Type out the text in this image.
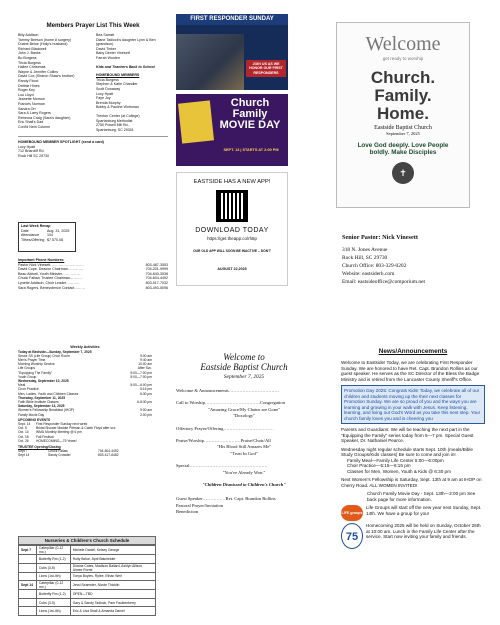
Members Prayer List This Week
Billy Addison
Tammy Beeson (home 8 surgery)
Duane Belue (Holly's husband)
Richard Blackwell
John J. Banks
Bo Burgess
Tricia Burgess
Hallee Christmas
Wayne & Jennifer Collins
David Cox (Sharon Shaw's brother)
Randy Flood
Debbie Hines
Roger Key
Lou Lloyd
Jeanette Morrow
Frances Norman
Sandra Orr
Sara & Larry Rogers
Rebecca Craig (Sara's daughter)
Eric Shall's Dad
Conf'd Next Column
Bea Sarratt
Diane Tadlock's daughter Lynn & Ben (grandson)
David Tinker
Baby Dexter Vinesett
Farrah Wooten
Kids and Teachers Back to School
HOMEBOUND MEMBERS
Tricia Burgess
Stephen & Katie Chandler
Scott Dunaway
Lucy Hyatt
Faye Joy
Brenda Murphy
Bobby & Pauline Workman
Trenton Center (at College)
Spartanburg Methodist
2750 Powell Mill Rd.,
Spartanburg, SC 29301
HOMEBOUND MEMBER SPOTLIGHT (send a card)
Lucy Hyatt
712 Briarcliff Rd.
Rock Hill SC 29730
Last Week Recap
Date	Aug. 31, 2025
Attendance	104
Tithes/Offering $7,570.08
Important Phone Numbers:
Pastor Nick Vinesett……………………….	803-487-3553
David Cope, Deacon Chairman………….	704-201-9999
Beau Abbott, Youth Minister……………	704-840-3538
Chuck Fallaw, Trustee Chairman……….	704-604-4492
Lynette Addison, Choir Leader…………	803-517-7032
Sara Rogers, Benevolence Contact………	803-493-5096
FIRST RESPONDER SUNDAY
JOIN US AS WE HONOR OUR FIRST RESPONDERS
Church Family MOVIE DAY
SEPT. 13 | STARTS AT 2:00 PM
EASTSIDE HAS A NEW APP!
DOWNLOAD TODAY
https://get.theapp.co/rh8p
OUR OLD APP WILL SOON BE INACTIVE – DON'T
AUGUST 22,2025
Welcome
get ready to worship
Church.
Family.
Home.
Eastside Baptist Church
September 7, 2025
Love God deeply. Love People
boldly. Make Disciples
✝
Senior Pastor: Nick Vinesett
318 N. Jones Avenue
Rock Hill, SC 29730
Church Office: 803-329-0202
Website: eastsiderh.com
Email: eastsideoffice@comporium.net
Weekly Activities
Today at Eastside—Sunday, September 7, 2025
Senior SS (Life Group) Choir Room	9:00 am
Men's Prayer Time	9:40 am
Morning Worship Service	10:00 am
Life Groups	After Svc.
"Equipping The Family"	5:00—7:00 pm
Youth Group	5:00—7:00 pm
Wednesday, September 10, 2025
Meal	5:00—6:00 pm
Choir Practice	5:15 pm
Men, Ladies, Youth and Children Classes	6:30 pm
Thursday, September 11, 2025
Faith Bible Institute Classes	6-8:30 pm
Saturday, September 13, 2025
Women's Fellowship Breakfast (IHOP)	9:00 am
Family Movie Day	2:00 pm
UPCOMING EVENTS
Sept. 14	First Responder Sunday next week
Oct. 5	Bridal Shower Maddie Pittman & Caleb Floyd after svc
Oct. 14	WMU Monthly Meeting @ 6 pm
Oct. 18	Fall Festival
Oct. 26	HOMECOMING—75 Years!
TRUSTEE Opening/Closing
Sept 7	Chuck Fallaw	704-604-4492
Sept 14	Sandy Crowder	803-417-6482
Nurseries & Children's Church Schedule
Sept 7	Caterpillar (0-12 mo.)	Michele Daniel, Kelsey George
	Butterfly Rm (1-2)	Holly Belue, April Batchelder
	Cubs (3-5)	Dianne Cates, Madison Ballard, Ashlyn Allison, Aimee Rorrie
	Lions (1st-4th)	Tonya Boyles, Rylee, Ethan Weir
Sept 14	Caterpillar (0-12 mo.)	Jessi Seamster, Nicole Thicklin
	Butterfly Rm (1-2)	OPEN—TBD
	Cubs (3-5)	Gary & Sandy Tadlock, Pam Faulkenberry
	Lions (1st-4th)	Eric & Lisa Shall & Amanda Daniel
Welcome to
Eastside Baptist Church
September 7, 2025
Welcome & Announcements……………………………
Call to Worship………………………………Congregation
"Amazing Grace/My Chains are Gone"
"Doxology"
Offertory Prayer/Offering……………………………
Praise/Worship……………………Praise/Choir/All
"His Blood Still Amazes Me"
"Trust In God"
Special……………………………………………
"You've Already Won."
"Children Dismissed to Children's Church"
Guest Speaker……………Ret. Capt. Brandon Rollins
Pastoral Prayer/Invitation
Benediction
News/Announcements

Welcome to Eastside! Today, we are celebrating First Responder Sunday. We are honored to have Ret. Capt. Brandon Rollins as our guest speaker. He serves as the SC Director of the Bless the Badge Ministry and is retired from the Lancaster County Sheriff's Office.

Promotion Day 2025: Congrats Kids! Today, we celebrate all of our children and students moving up the their next classes for Promotion Sunday. We are so proud of you and the ways you are learning and growing in your walk with Jesus. Keep listening, learning, and living out God's Word as you take this next step. Your church family loves you and is cheering you

Parents and Guardians: We will be teaching the next part in the "Equipping the Family" series today from 5—7 pm. Special Guest Speaker, Dr. Nathaniel Pearce.

Wednesday night regular schedule starts Sept. 10th (meals/Bible Study Groups/Kids classes) Be sure to come and join in!

Family Meal—Family Life Center 5:00—6:00pm
Choir Practice—5:15—6:15 pm
Classes for Men, Women, Youth & Kids @ 6:30 pm

Next Women's Fellowship is Saturday, Sept. 13th at 9 am at IHOP on Cherry Road. ALL WOMEN INVITED!

Church Family Movie Day - Sept. 13th—2:00 pm See back page for more information.

LIFE groups

Life Groups will start off the new year next Sunday, Sept. 14th. We have a group for you!

75

Homecoming 2025 will be held on Sunday, October 26th at 10:00 am. Lunch in the Family Life Center after the service. Start now inviting your family and friends.
